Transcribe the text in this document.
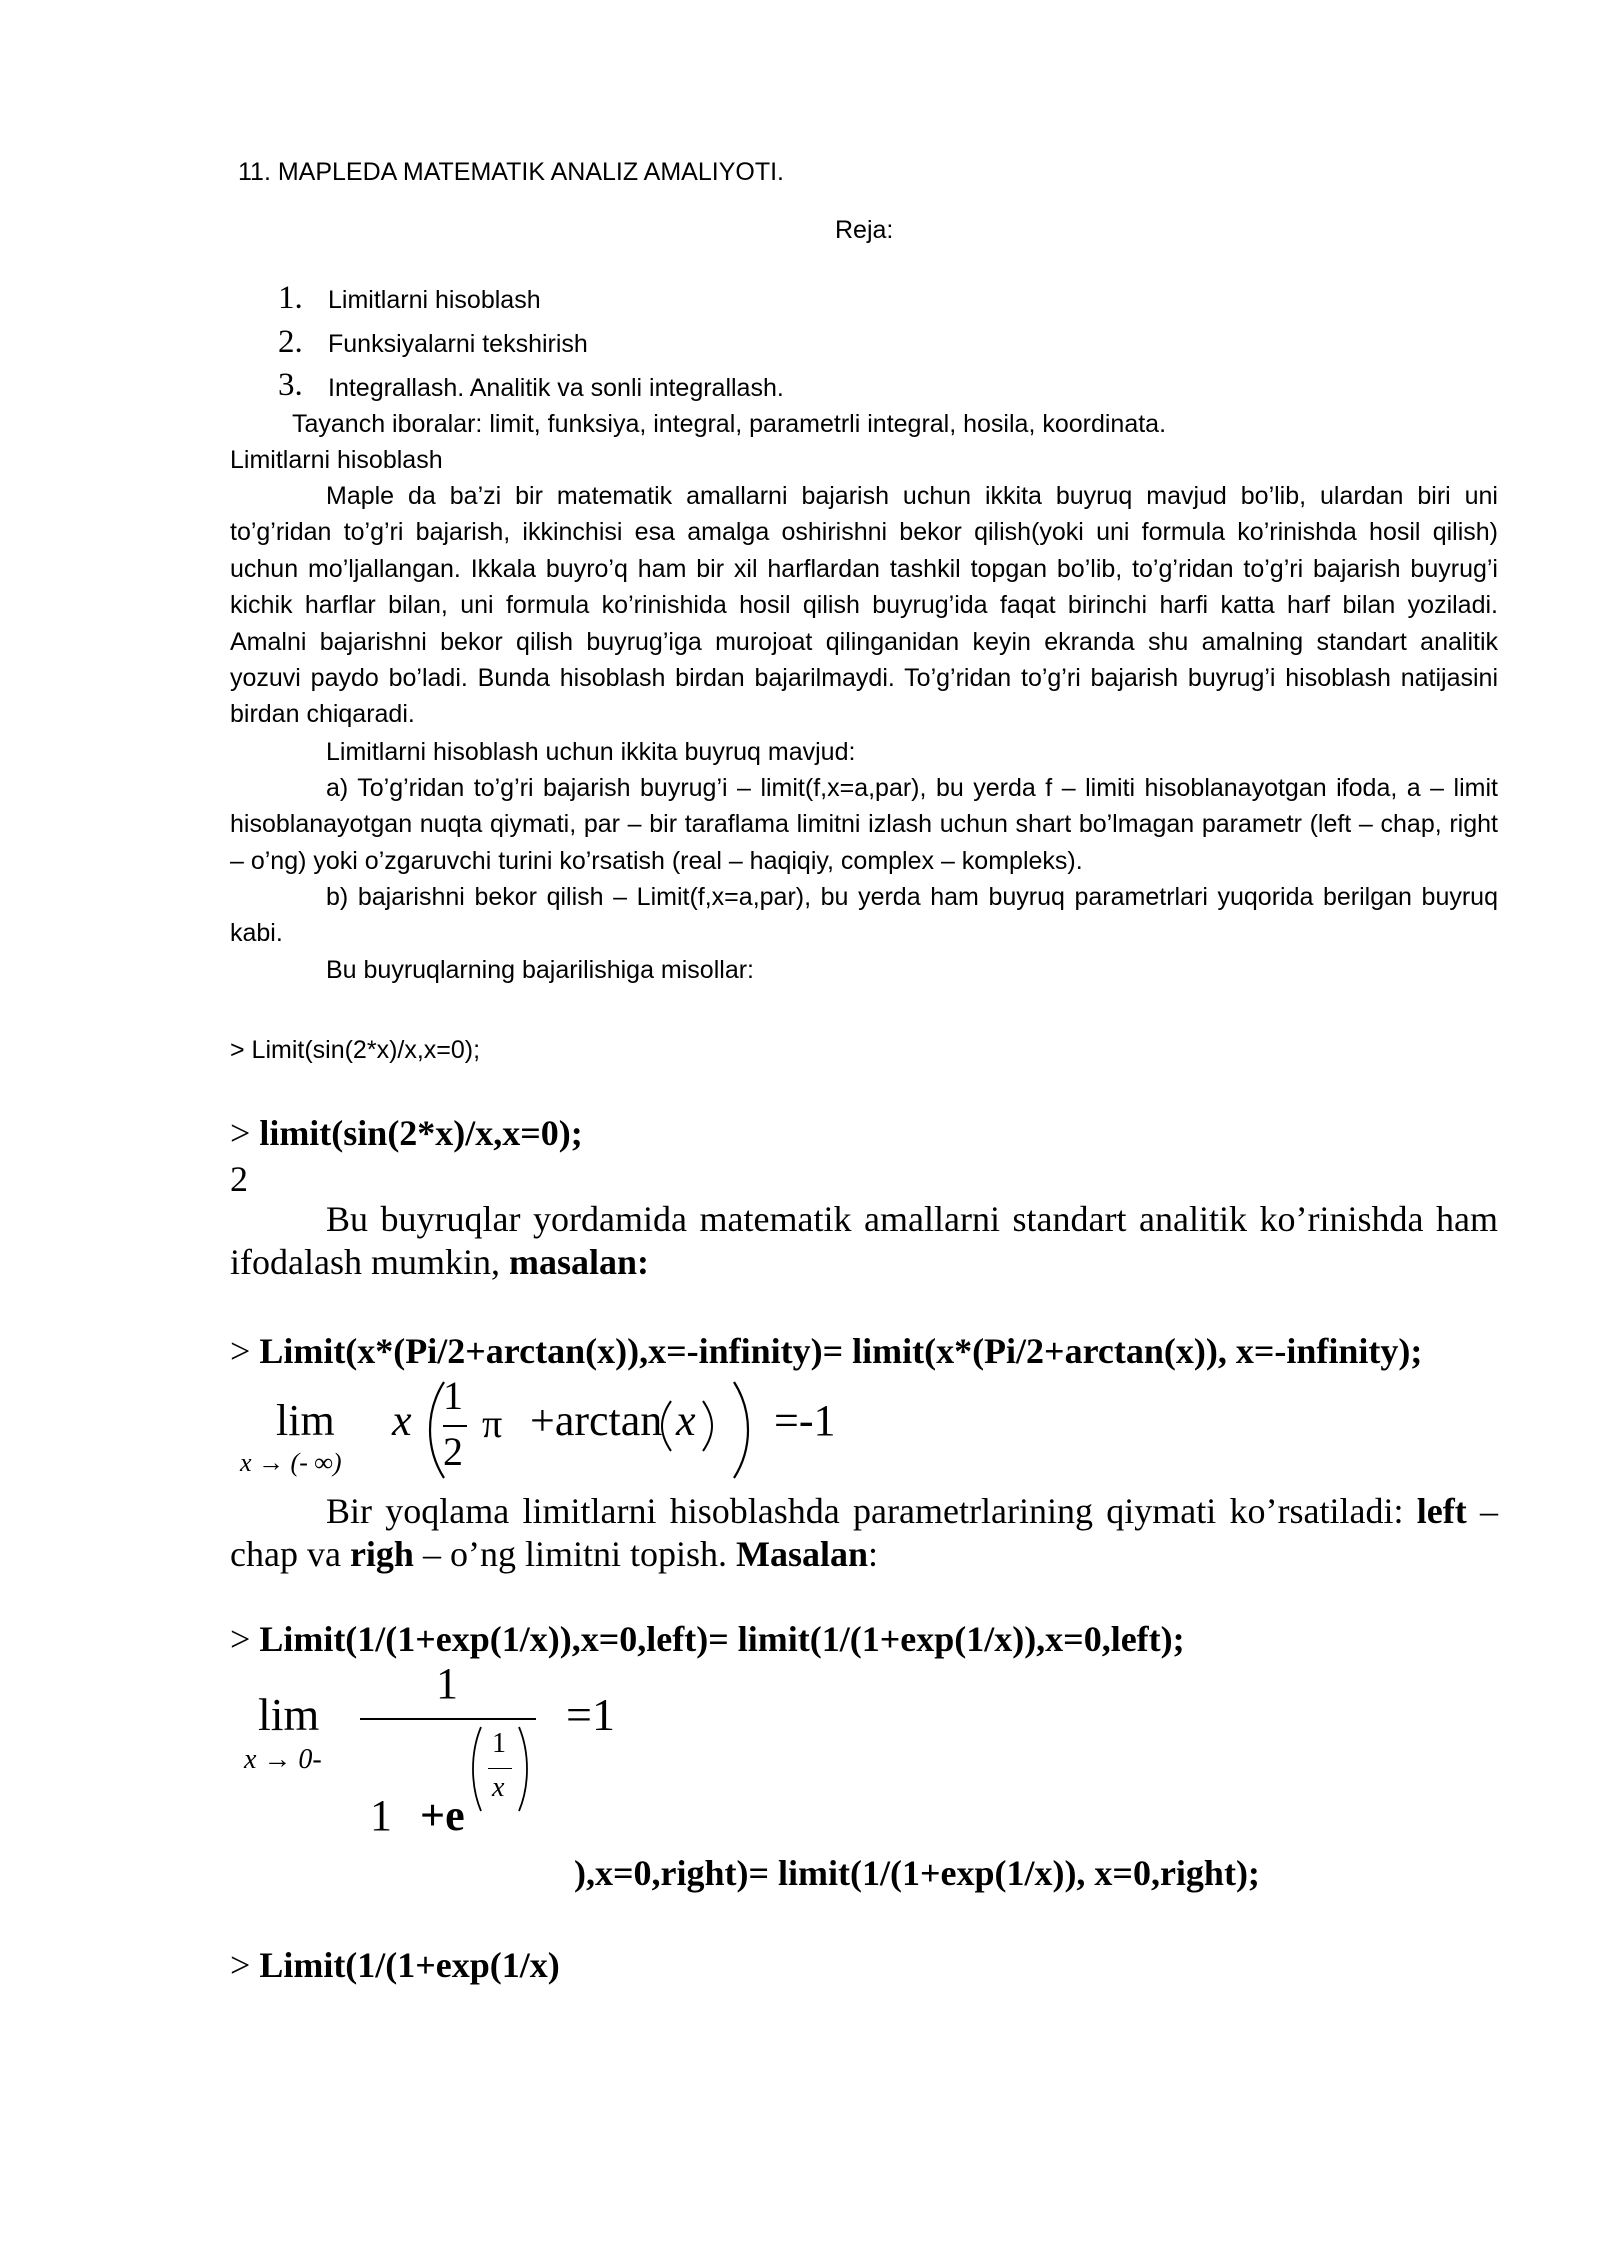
11. MAPLEDA MATEMATIK ANALIZ AMALIYOTI.
Reja:
1. Limitlarni hisoblash
2. Funksiyalarni tekshirish
3. Integrallash. Analitik va sonli integrallash.
Tayanch iboralar: limit, funksiya, integral, parametrli integral, hosila, koordinata.
Limitlarni hisoblash
Maple da ba’zi bir matematik amallarni bajarish uchun ikkita buyruq mavjud bo’lib, ulardan biri uni to’g’ridan to’g’ri bajarish, ikkinchisi esa amalga oshirishni bekor qilish(yoki uni formula ko’rinishda hosil qilish) uchun mo’ljallangan. Ikkala buyro’q ham bir xil harflardan tashkil topgan bo’lib, to’g’ridan to’g’ri bajarish buyrug’i kichik harflar bilan, uni formula ko’rinishida hosil qilish buyrug’ida faqat birinchi harfi katta harf bilan yoziladi. Amalni bajarishni bekor qilish buyrug’iga murojoat qilinganidan keyin ekranda shu amalning standart analitik yozuvi paydo bo’ladi. Bunda hisoblash birdan bajarilmaydi. To’g’ridan to’g’ri bajarish buyrug’i hisoblash natijasini birdan chiqaradi.
Limitlarni hisoblash uchun ikkita buyruq mavjud:
a) To’g’ridan to’g’ri bajarish buyrug’i – limit(f,x=a,par), bu yerda f – limiti hisoblanayotgan ifoda, a – limit hisoblanayotgan nuqta qiymati, par – bir taraflama limitni izlash uchun shart bo’lmagan parametr (left – chap, right – o’ng) yoki o’zgaruvchi turini ko’rsatish (real – haqiqiy, complex – kompleks).
b) bajarishni bekor qilish – Limit(f,x=a,par), bu yerda ham buyruq parametrlari yuqorida berilgan buyruq kabi.
Bu buyruqlarning bajarilishiga misollar:
> Limit(sin(2*x)/x,x=0);
> limit(sin(2*x)/x,x=0);
2
Bu buyruqlar yordamida matematik amallarni standart analitik ko’rinishda ham ifodalash mumkin, masalan:
> Limit(x*(Pi/2+arctan(x)),x=-infinity)= limit(x*(Pi/2+arctan(x)), x=-infinity);
lim
x → (- ∞)
x
1
2
π +arctan x =-1
Bir yoqlama limitlarni hisoblashda parametrlarining qiymati ko’rsatiladi: left – chap va righ – o’ng limitni topish. Masalan:
> Limit(1/(1+exp(1/x)),x=0,left)= limit(1/(1+exp(1/x)),x=0,left);
lim
x → 0-
1
1 +e
1
x
=1
),x=0,right)= limit(1/(1+exp(1/x)), x=0,right);
> Limit(1/(1+exp(1/x)
